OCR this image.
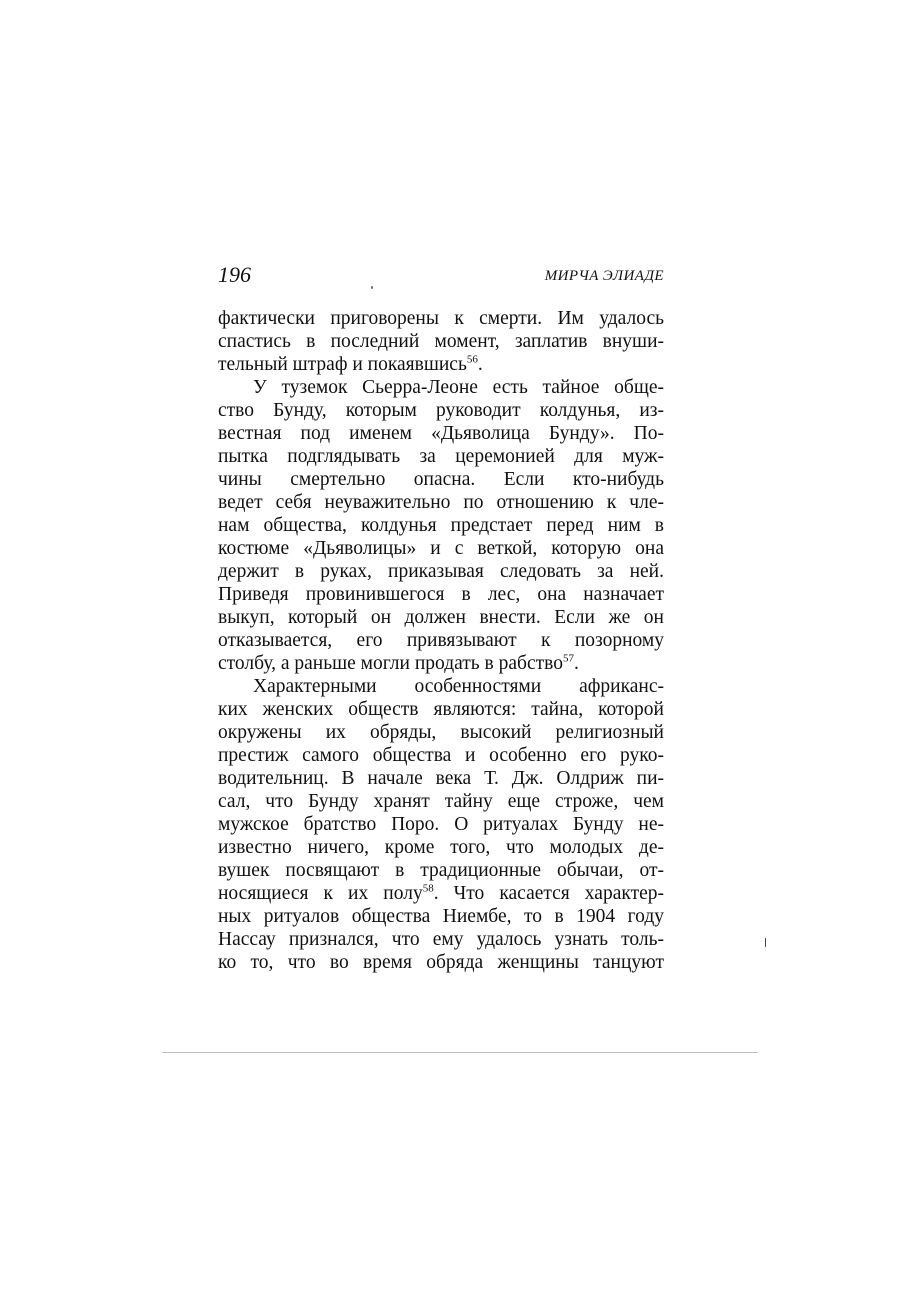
196	МИРЧА ЭЛИАДЕ
фактически приговорены к смерти. Им удалось
спастись в последний момент, заплатив внуши-
тельный штраф и покаявшись$^{56}$.
У туземок Сьерра-Леоне есть тайное обще-
ство Бунду, которым руководит колдунья, из-
вестная под именем «Дьяволица Бунду». По-
пытка подглядывать за церемонией для муж-
чины смертельно опасна. Если кто-нибудь
ведет себя неуважительно по отношению к чле-
нам общества, колдунья предстает перед ним в
костюме «Дьяволицы» и с веткой, которую она
держит в руках, приказывая следовать за ней.
Приведя провинившегося в лес, она назначает
выкуп, который он должен внести. Если же он
отказывается, его привязывают к позорному
столбу, а раньше могли продать в рабство$^{57}$.
Характерными особенностями африканс-
ких женских обществ являются: тайна, которой
окружены их обряды, высокий религиозный
престиж самого общества и особенно его руко-
водительниц. В начале века Т. Дж. Олдриж пи-
сал, что Бунду хранят тайну еще строже, чем
мужское братство Поро. О ритуалах Бунду не-
известно ничего, кроме того, что молодых де-
вушек посвящают в традиционные обычаи, от-
носящиеся к их полу$^{58}$. Что касается характер-
ных ритуалов общества Ниембе, то в 1904 году
Нассау признался, что ему удалось узнать толь-
ко то, что во время обряда женщины танцуют
